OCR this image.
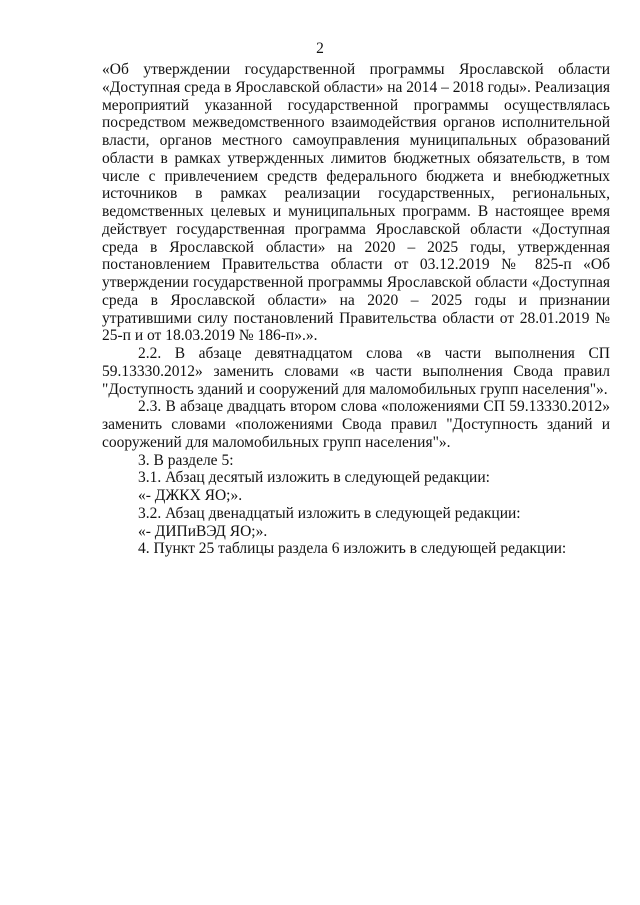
2

«Об утверждении государственной программы Ярославской области «Доступная среда в Ярославской области» на 2014 – 2018 годы». Реализация мероприятий указанной государственной программы осуществлялась посредством межведомственного взаимодействия органов исполнительной власти, органов местного самоуправления муниципальных образований области в рамках утвержденных лимитов бюджетных обязательств, в том числе с привлечением средств федерального бюджета и внебюджетных источников в рамках реализации государственных, региональных, ведомственных целевых и муниципальных программ. В настоящее время действует государственная программа Ярославской области «Доступная среда в Ярославской области» на 2020 – 2025 годы, утвержденная постановлением Правительства области от 03.12.2019 № 825-п «Об утверждении государственной программы Ярославской области «Доступная среда в Ярославской области» на 2020 – 2025 годы и признании утратившими силу постановлений Правительства области от 28.01.2019 № 25-п и от 18.03.2019 № 186-п».».

2.2. В абзаце девятнадцатом слова «в части выполнения СП 59.13330.2012» заменить словами «в части выполнения Свода правил "Доступность зданий и сооружений для маломобильных групп населения"».

2.3. В абзаце двадцать втором слова «положениями СП 59.13330.2012» заменить словами «положениями Свода правил "Доступность зданий и сооружений для маломобильных групп населения"».

3. В разделе 5:

3.1. Абзац десятый изложить в следующей редакции:

«- ДЖКХ ЯО;».

3.2. Абзац двенадцатый изложить в следующей редакции:

«- ДИПиВЭД ЯО;».

4. Пункт 25 таблицы раздела 6 изложить в следующей редакции:
